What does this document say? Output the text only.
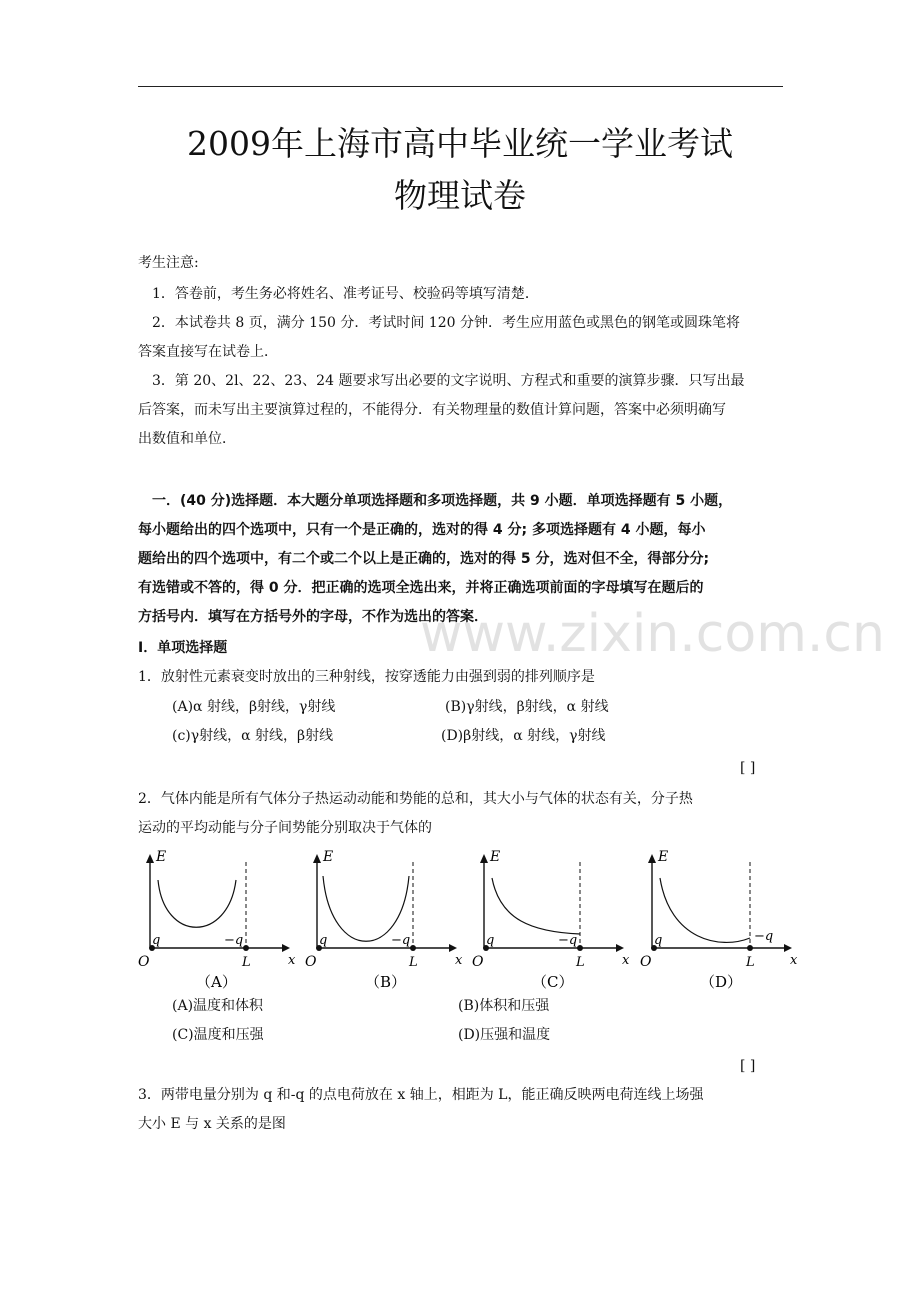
2009年上海市高中毕业统一学业考试
物理试卷
考生注意:
1．答卷前，考生务必将姓名、准考证号、校验码等填写清楚．
2．本试卷共 8 页，满分 150 分．考试时间 120 分钟．考生应用蓝色或黑色的钢笔或圆珠笔将
答案直接写在试卷上．
3．第 20、2l、22、23、24 题要求写出必要的文字说明、方程式和重要的演算步骤．只写出最
后答案，而未写出主要演算过程的，不能得分．有关物理量的数值计算问题，答案中必须明确写
出数值和单位．
一．(40 分)选择题．本大题分单项选择题和多项选择题，共 9 小题．单项选择题有 5 小题，
每小题给出的四个选项中，只有一个是正确的，选对的得 4 分; 多项选择题有 4 小题，每小
题给出的四个选项中，有二个或二个以上是正确的，选对的得 5 分，选对但不全，得部分分;
有选错或不答的，得 0 分．把正确的选项全选出来，并将正确选项前面的字母填写在题后的
方括号内．填写在方括号外的字母，不作为选出的答案．
Ⅰ．单项选择题	www.zixin.com.cn
1．放射性元素衰变时放出的三种射线，按穿透能力由强到弱的排列顺序是
(A)α 射线，β射线，γ射线	(B)γ射线，β射线，α 射线
(c)γ射线，α 射线，β射线	(D)β射线，α 射线，γ射线
[ ]
2．气体内能是所有气体分子热运动动能和势能的总和，其大小与气体的状态有关，分子热
运动的平均动能与分子间势能分别取决于气体的
E
x
O
q	−q
L
（A）
E
x
O
q	−q
L
（B）
E
x
O
q	−q
L
（C）
E
x
O
q	−q
L
（D）
(A)温度和体积	(B)体积和压强
(C)温度和压强	(D)压强和温度
[ ]
3．两带电量分别为 q 和-q 的点电荷放在 x 轴上，相距为 L，能正确反映两电荷连线上场强
大小 E 与 x 关系的是图
